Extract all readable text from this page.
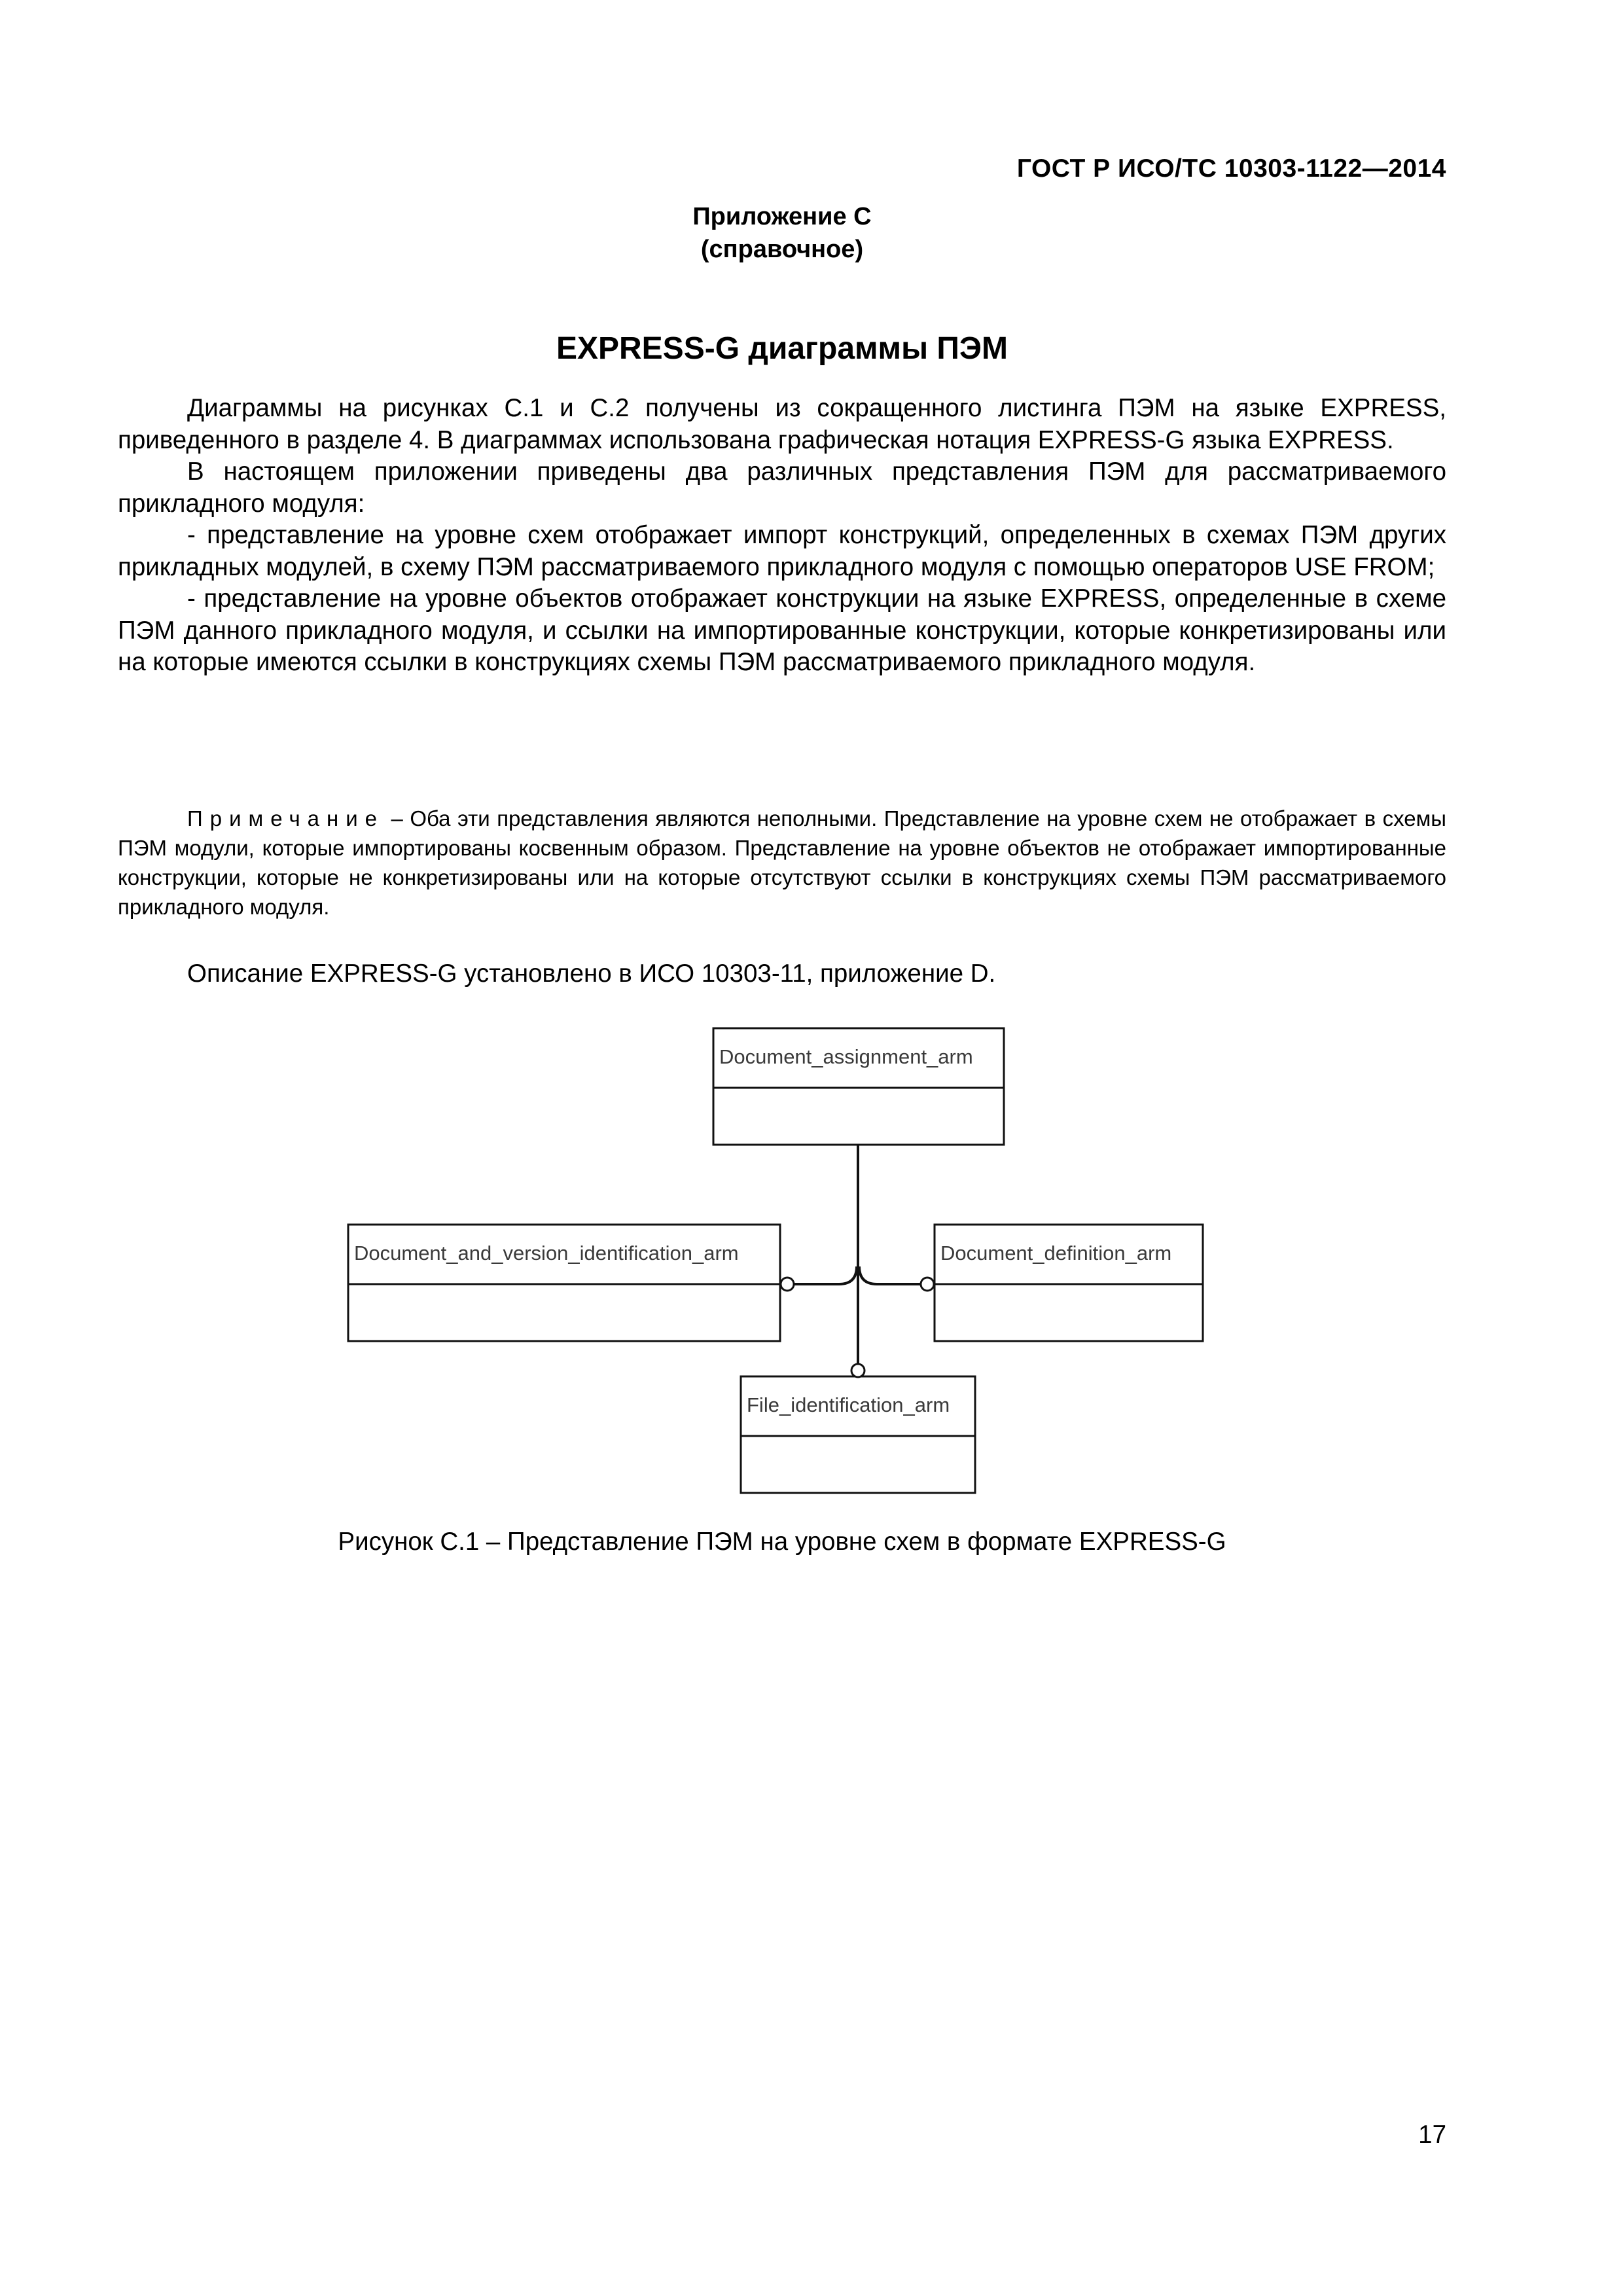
ГОСТ Р ИСО/ТС 10303-1122—2014
Приложение С
(справочное)
EXPRESS-G диаграммы ПЭМ

Диаграммы на рисунках С.1 и С.2 получены из сокращенного листинга ПЭМ на языке EXPRESS, приведенного в разделе 4. В диаграммах использована графическая нотация EXPRESS-G языка EXPRESS.

В настоящем приложении приведены два различных представления ПЭМ для рассматриваемого прикладного модуля:

- представление на уровне схем отображает импорт конструкций, определенных в схемах ПЭМ других прикладных модулей, в схему ПЭМ рассматриваемого прикладного модуля с помощью операторов USE FROM;

- представление на уровне объектов отображает конструкции на языке EXPRESS, определенные в схеме ПЭМ данного прикладного модуля, и ссылки на импортированные конструкции, которые конкретизированы или на которые имеются ссылки в конструкциях схемы ПЭМ рассматриваемого прикладного модуля.

Примечание – Оба эти представления являются неполными. Представление на уровне схем не отображает в схемы ПЭМ модули, которые импортированы косвенным образом. Представление на уровне объектов не отображает импортированные конструкции, которые не конкретизированы или на которые отсутствуют ссылки в конструкциях схемы ПЭМ рассматриваемого прикладного модуля.
Описание EXPRESS-G установлено в ИСО 10303-11, приложение D.
Document_assignment_arm
Document_and_version_identification_arm	Document_definition_arm
File_identification_arm
Рисунок С.1 – Представление ПЭМ на уровне схем в формате EXPRESS-G
17
